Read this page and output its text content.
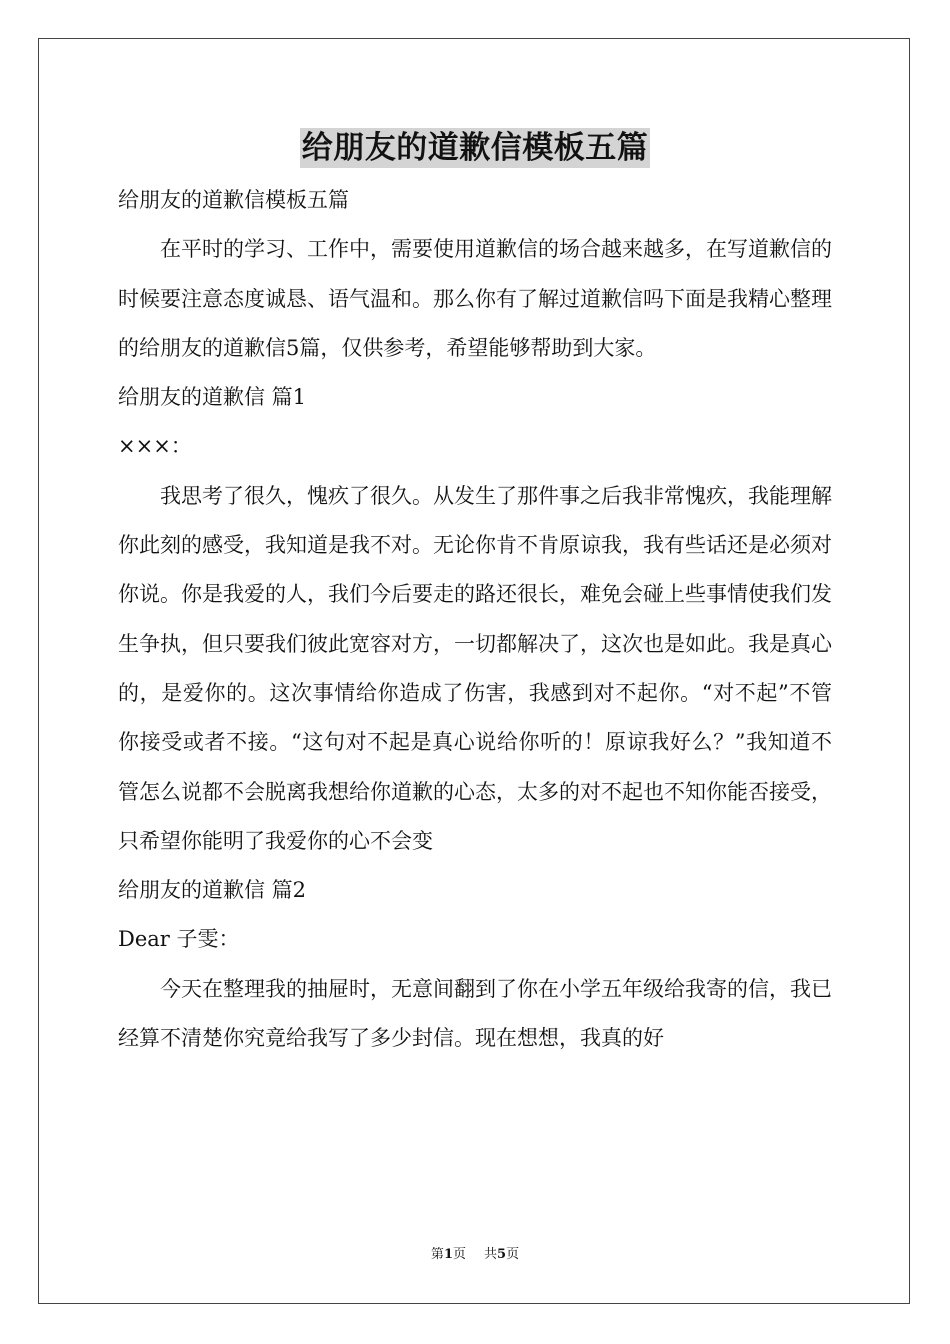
给朋友的道歉信模板五篇

给朋友的道歉信模板五篇

在平时的学习、工作中，需要使用道歉信的场合越来越多，在写道歉信的时候要注意态度诚恳、语气温和。那么你有了解过道歉信吗下面是我精心整理的给朋友的道歉信5篇，仅供参考，希望能够帮助到大家。

给朋友的道歉信 篇1

×××：

我思考了很久，愧疚了很久。从发生了那件事之后我非常愧疚，我能理解你此刻的感受，我知道是我不对。无论你肯不肯原谅我，我有些话还是必须对你说。你是我爱的人，我们今后要走的路还很长，难免会碰上些事情使我们发生争执，但只要我们彼此宽容对方，一切都解决了，这次也是如此。我是真心的，是爱你的。这次事情给你造成了伤害，我感到对不起你。“对不起”不管你接受或者不接。“这句对不起是真心说给你听的！原谅我好么？”我知道不管怎么说都不会脱离我想给你道歉的心态，太多的对不起也不知你能否接受，只希望你能明了我爱你的心不会变

给朋友的道歉信 篇2

Dear 子雯：

今天在整理我的抽屉时，无意间翻到了你在小学五年级给我寄的信，我已经算不清楚你究竟给我写了多少封信。现在想想，我真的好

第1页 共5页
